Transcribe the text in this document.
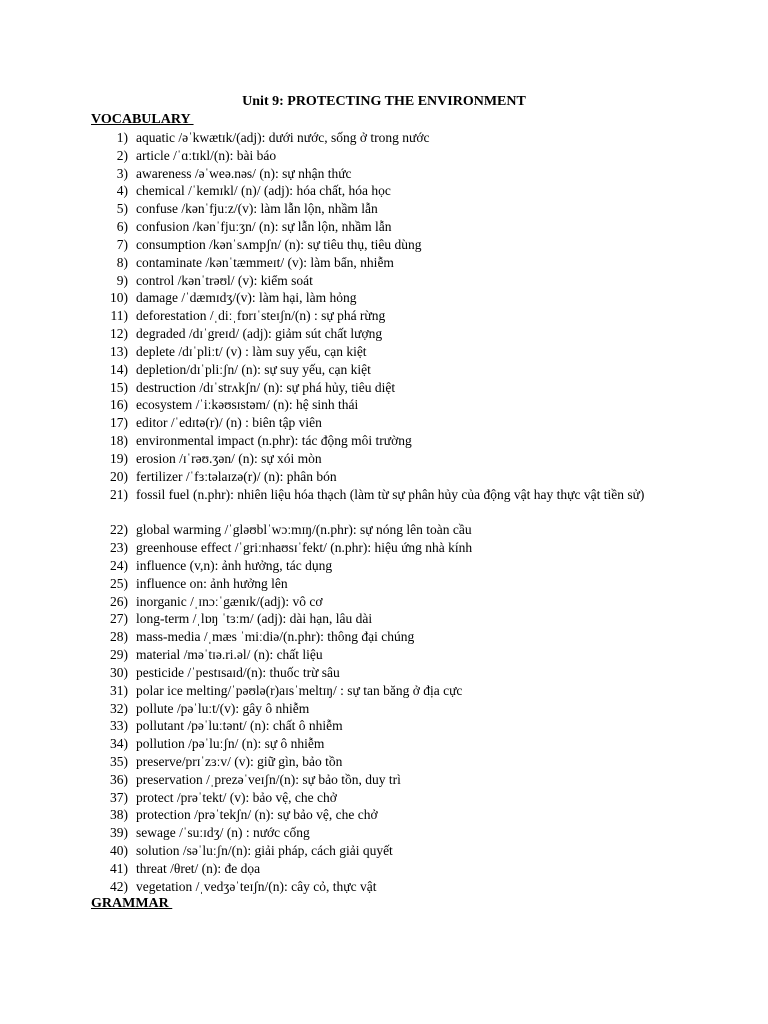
Unit 9: PROTECTING THE ENVIRONMENT
VOCABULARY
1) aquatic /əˈkwætɪk/(adj): dưới nước, sống ở trong nước
2) article /ˈɑːtɪkl/(n): bài báo
3) awareness /əˈweə.nəs/ (n): sự nhận thức
4) chemical /ˈkemɪkl/ (n)/ (adj): hóa chất, hóa học
5) confuse /kənˈfjuːz/(v): làm lẫn lộn, nhầm lẫn
6) confusion /kənˈfjuːʒn/ (n): sự lẫn lộn, nhầm lẫn
7) consumption /kənˈsʌmpʃn/ (n): sự tiêu thụ, tiêu dùng
8) contaminate /kənˈtæmmeɪt/ (v): làm bẩn, nhiễm
9) control /kənˈtrəʊl/ (v): kiểm soát
10) damage /ˈdæmɪdʒ/(v): làm hại, làm hỏng
11) deforestation /ˌdiːˌfɒrɪˈsteɪʃn/(n) : sự phá rừng
12) degraded /dɪˈgreɪd/ (adj): giảm sút chất lượng
13) deplete /dɪˈpliːt/ (v) : làm suy yếu, cạn kiệt
14) depletion/dɪˈpliːʃn/ (n): sự suy yếu, cạn kiệt
15) destruction /dɪˈstrʌkʃn/ (n): sự phá hủy, tiêu diệt
16) ecosystem /ˈiːkəʊsɪstəm/ (n): hệ sinh thái
17) editor /ˈedɪtə(r)/ (n) : biên tập viên
18) environmental impact (n.phr): tác động môi trường
19) erosion /ɪˈrəʊ.ʒən/ (n): sự xói mòn
20) fertilizer /ˈfɜːtəlaɪzə(r)/ (n): phân bón
21) fossil fuel (n.phr): nhiên liệu hóa thạch (làm từ sự phân hủy của động vật hay thực vật tiền sử)
22) global warming /ˈgləʊblˈwɔːmɪŋ/(n.phr): sự nóng lên toàn cầu
23) greenhouse effect /ˈgriːnhaʊsɪˈfekt/ (n.phr): hiệu ứng nhà kính
24) influence (v,n): ảnh hưởng, tác dụng
25) influence on: ảnh hưởng lên
26) inorganic /ˌɪnɔːˈgænɪk/(adj): vô cơ
27) long-term /ˌlɒŋ ˈtɜːm/ (adj): dài hạn, lâu dài
28) mass-media /ˌmæs ˈmiːdiə/(n.phr): thông đại chúng
29) material /məˈtɪə.ri.əl/ (n): chất liệu
30) pesticide /ˈpestɪsaɪd/(n): thuốc trừ sâu
31) polar ice melting/ˈpəʊlə(r)aɪsˈmeltɪŋ/ : sự tan băng ở địa cực
32) pollute /pəˈluːt/(v): gây ô nhiễm
33) pollutant /pəˈluːtənt/ (n): chất ô nhiễm
34) pollution /pəˈluːʃn/ (n): sự ô nhiễm
35) preserve/prɪˈzɜːv/ (v): giữ gìn, bảo tồn
36) preservation /ˌprezəˈveɪʃn/(n): sự bảo tồn, duy trì
37) protect /prəˈtekt/ (v): bảo vệ, che chở
38) protection /prəˈtekʃn/ (n): sự bảo vệ, che chở
39) sewage /ˈsuːɪdʒ/ (n) : nước cống
40) solution /səˈluːʃn/(n): giải pháp, cách giải quyết
41) threat /θret/ (n): đe dọa
42) vegetation /ˌvedʒəˈteɪʃn/(n): cây cỏ, thực vật
GRAMMAR
